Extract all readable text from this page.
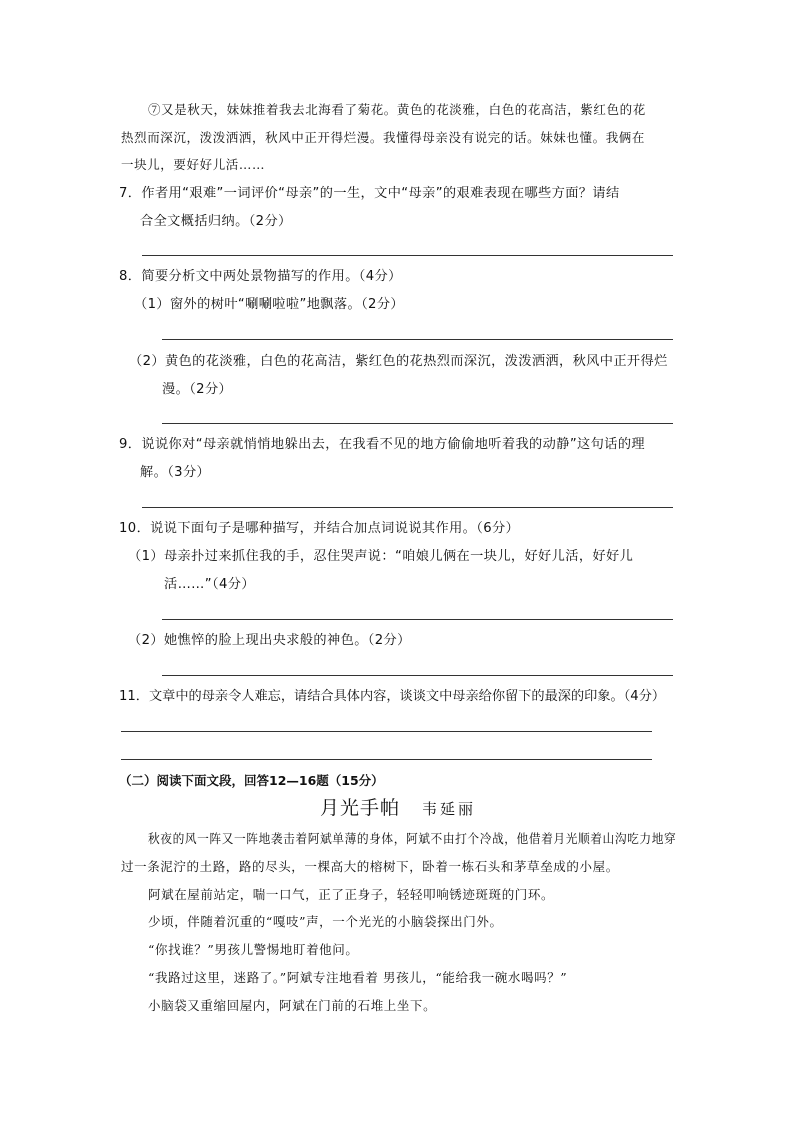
⑦又是秋天，妹妹推着我去北海看了菊花。黄色的花淡雅，白色的花高洁，紫红色的花
热烈而深沉，泼泼洒洒，秋风中正开得烂漫。我懂得母亲没有说完的话。妹妹也懂。我俩在
一块儿，要好好儿活……
7．作者用“艰难”一词评价“母亲”的一生，文中“母亲”的艰难表现在哪些方面？请结
合全文概括归纳。（2分）
8．简要分析文中两处景物描写的作用。（4分）
（1）窗外的树叶“唰唰啦啦”地飘落。（2分）
（2）黄色的花淡雅，白色的花高洁，紫红色的花热烈而深沉，泼泼洒洒，秋风中正开得烂
漫。（2分）
9．说说你对“母亲就悄悄地躲出去，在我看不见的地方偷偷地听着我的动静”这句话的理
解。（3分）
10．说说下面句子是哪种描写，并结合加点词说说其作用。（6分）
（1）母亲扑过来抓住我的手，忍住哭声说：“咱娘儿俩在一块儿，好好儿活，好好儿
活……”（4分）
（2）她憔悴的脸上现出央求般的神色。（2分）
11．文章中的母亲令人难忘，请结合具体内容，谈谈文中母亲给你留下的最深的印象。（4分）
（二）阅读下面文段，回答12—16题（15分）
月光手帕 韦延丽
秋夜的风一阵又一阵地袭击着阿斌单薄的身体，阿斌不由打个冷战，他借着月光顺着山沟吃力地穿
过一条泥泞的土路，路的尽头，一棵高大的榕树下，卧着一栋石头和茅草垒成的小屋。
阿斌在屋前站定，喘一口气，正了正身子，轻轻叩响锈迹斑斑的门环。
少顷，伴随着沉重的“嘎吱”声，一个光光的小脑袋探出门外。
“你找谁？”男孩儿警惕地盯着他问。
“我路过这里，迷路了。”阿斌专注地看着 男孩儿，“能给我一碗水喝吗？”
小脑袋又重缩回屋内，阿斌在门前的石堆上坐下。
